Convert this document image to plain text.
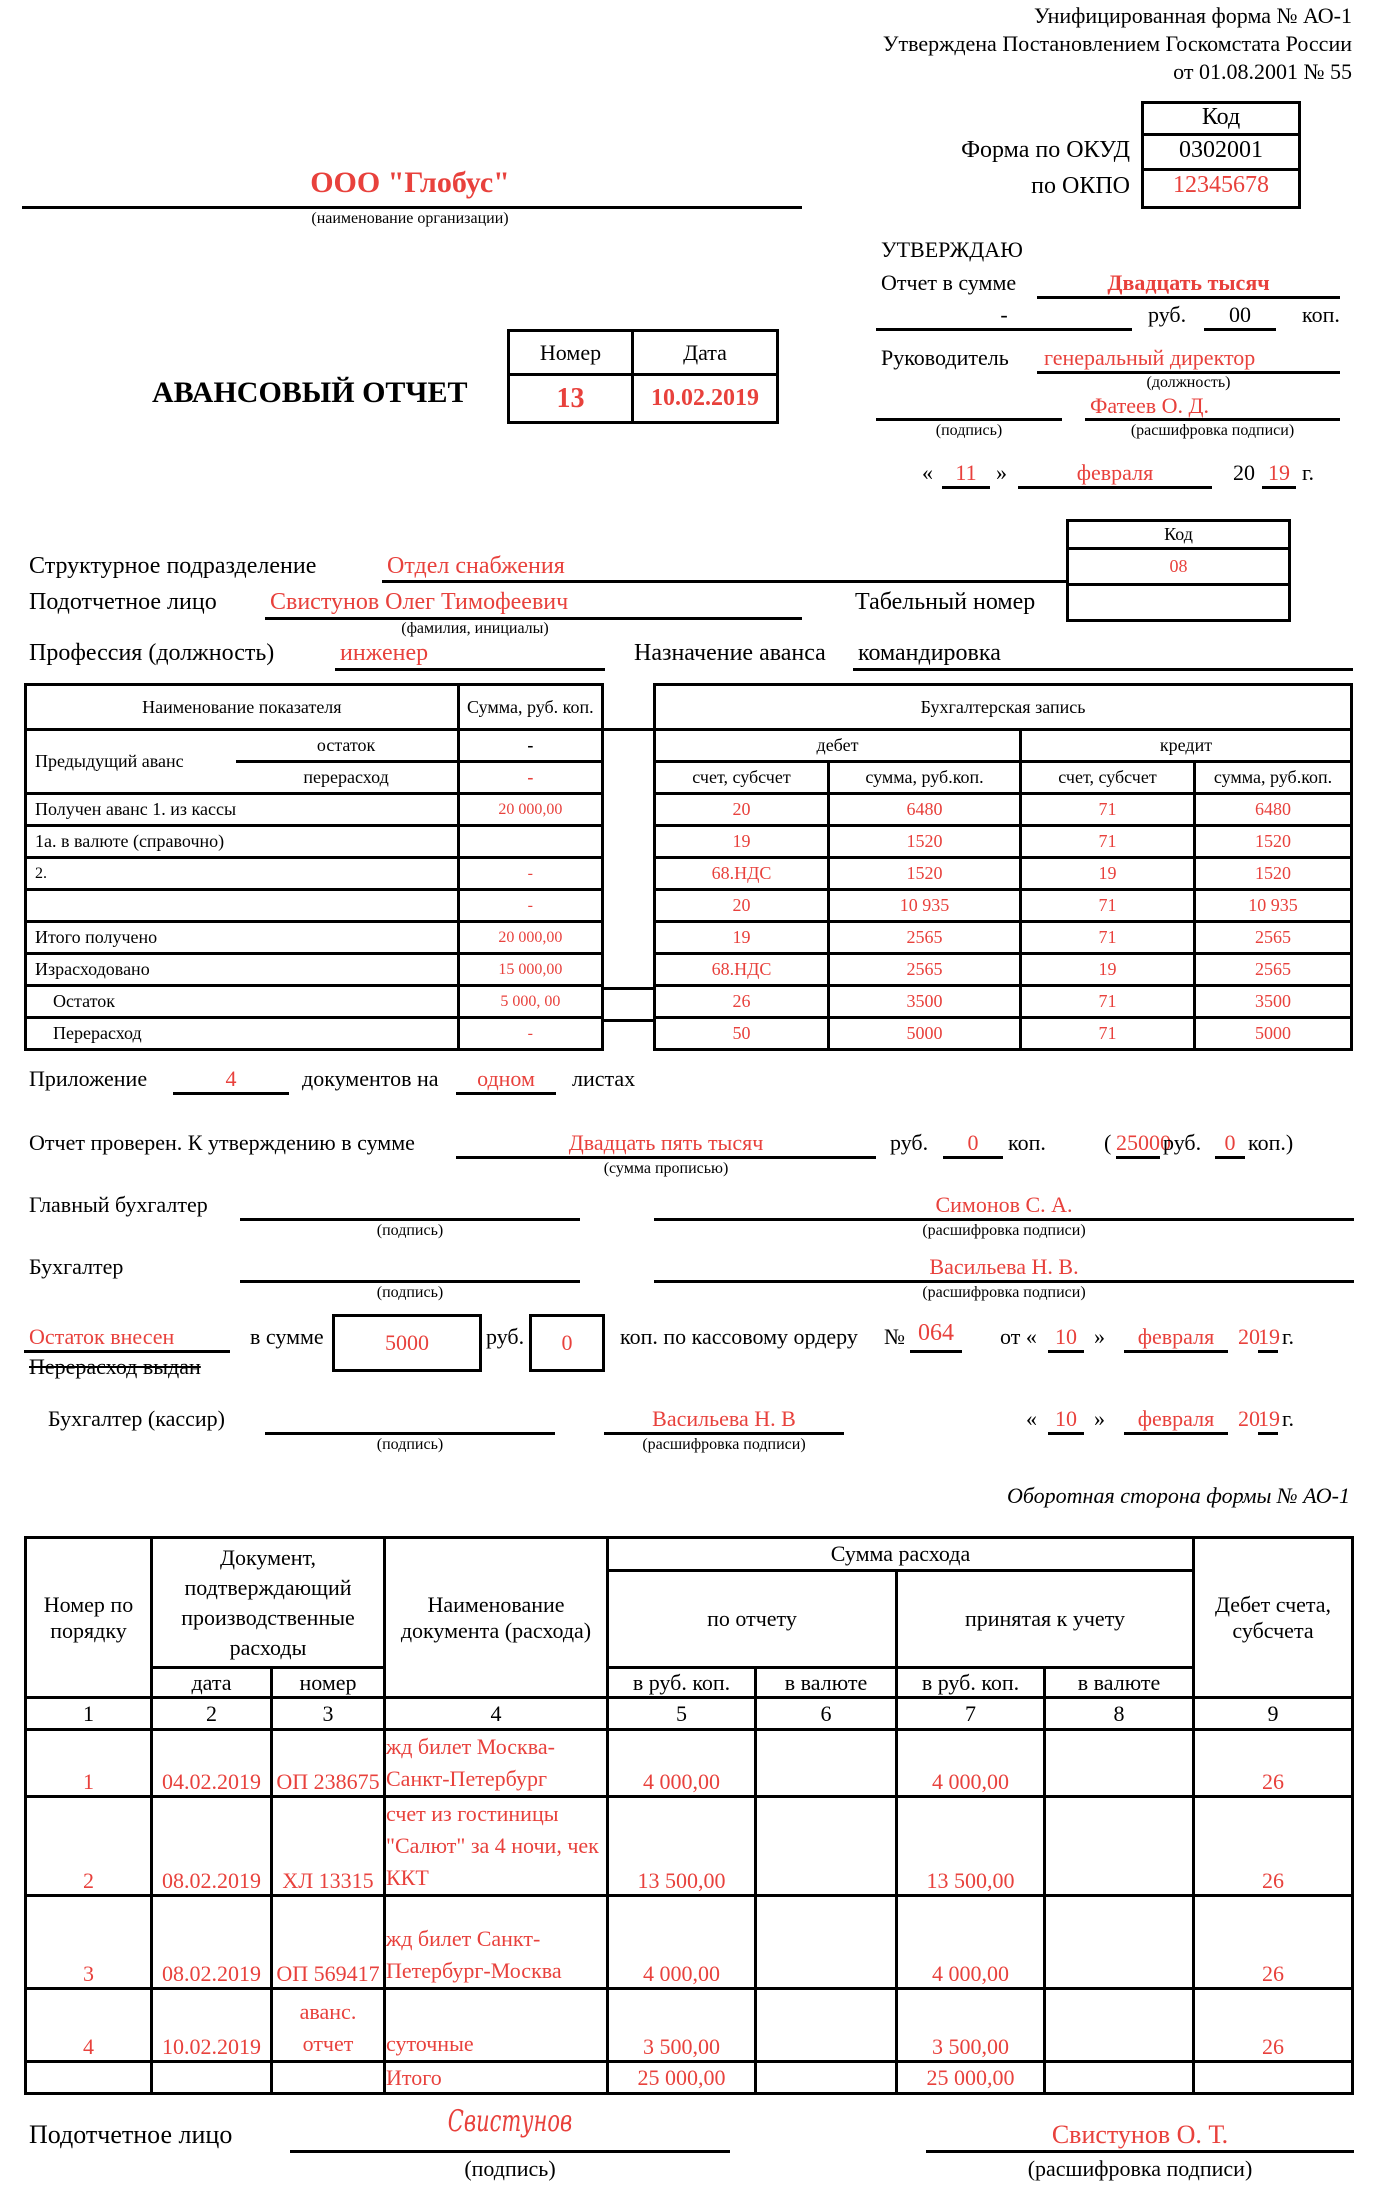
Унифицированная форма № АО-1
Утверждена Постановлением Госкомстата России
от 01.08.2001 № 55
Код
Форма по ОКУД	0302001
по ОКПО	12345678
ООО "Глобус"
(наименование организации)
АВАНСОВЫЙ ОТЧЕТ
Номер	Дата
13	10.02.2019
УТВЕРЖДАЮ
Отчет в сумме	Двадцать тысяч
-	руб.	00	коп.
Руководитель генеральный директор
(должность)
(подпись)
Фатеев О. Д.
(расшифровка подписи)
«	11 »	февраля	20 19 г.
Код
08

Структурное подразделение	Отдел снабжения
Подотчетное лицо Свистунов Олег Тимофеевич
(фамилия, инициалы)
Табельный номер
Профессия (должность)	инженер	Назначение аванса командировка
Наименование показателя		Сумма, руб. коп.
Предыдущий аванс	остаток	-
	перерасход	-
Получен аванс 1. из кассы		20 000,00
1а. в валюте (справочно)		
2.		-
		-
Итого получено		20 000,00
Израсходовано		15 000,00
Остаток		5 000, 00
Перерасход		-
Бухгалтерская запись			
дебет		кредит	
счет, субсчет	сумма, руб.коп.	счет, субсчет	сумма, руб.коп.
20	6480	71	6480
19	1520	71	1520
68.НДС	1520	19	1520
20	10 935	71	10 935
19	2565	71	2565
68.НДС	2565	19	2565
26	3500	71	3500
50	5000	71	5000
Приложение	4	документов на	одном	листах
Отчет проверен. К утверждению в сумме	Двадцать пять тысяч
(сумма прописью)
руб.	0	коп.	( 25000
руб.	0 коп.)
Главный бухгалтер
(подпись)
Симонов С. А.
(расшифровка подписи)
Бухгалтер
(подпись)
Васильева Н. В.
(расшифровка подписи)
Остаток внесен
Перерасход выдан
в сумме	5000	руб.	0	коп. по кассовому ордеру № 064	от « 10 »	февраля	20
19 г.
Бухгалтер (кассир)
(подпись)
Васильева Н. В
(расшифровка подписи)
« 10 »	февраля	20
19 г.
Оборотная сторона формы № АО-1
Номер по порядку	Документ, подтверждающий производственные расходы		Наименование документа (расхода)	Сумма расхода				Дебет счета, субсчета
				по отчету		принятая к учету		
	дата	номер		в руб. коп.	в валюте	в руб. коп.	в валюте	
1	2	3	4	5	6	7	8	9
1	04.02.2019	ОП 238675	жд билет Москва-Санкт-Петербург	4 000,00		4 000,00		26
2	08.02.2019	ХЛ 13315	счет из гостиницы "Салют" за 4 ночи, чек ККТ	13 500,00		13 500,00		26
3	08.02.2019	ОП 569417	жд билет Санкт-Петербург-Москва	4 000,00		4 000,00		26
4	10.02.2019	аванс. отчет	суточные	3 500,00		3 500,00		26
			Итого	25 000,00		25 000,00		
Подотчетное лицо	Свистунов
(подпись)
Свистунов О. Т.
(расшифровка подписи)
